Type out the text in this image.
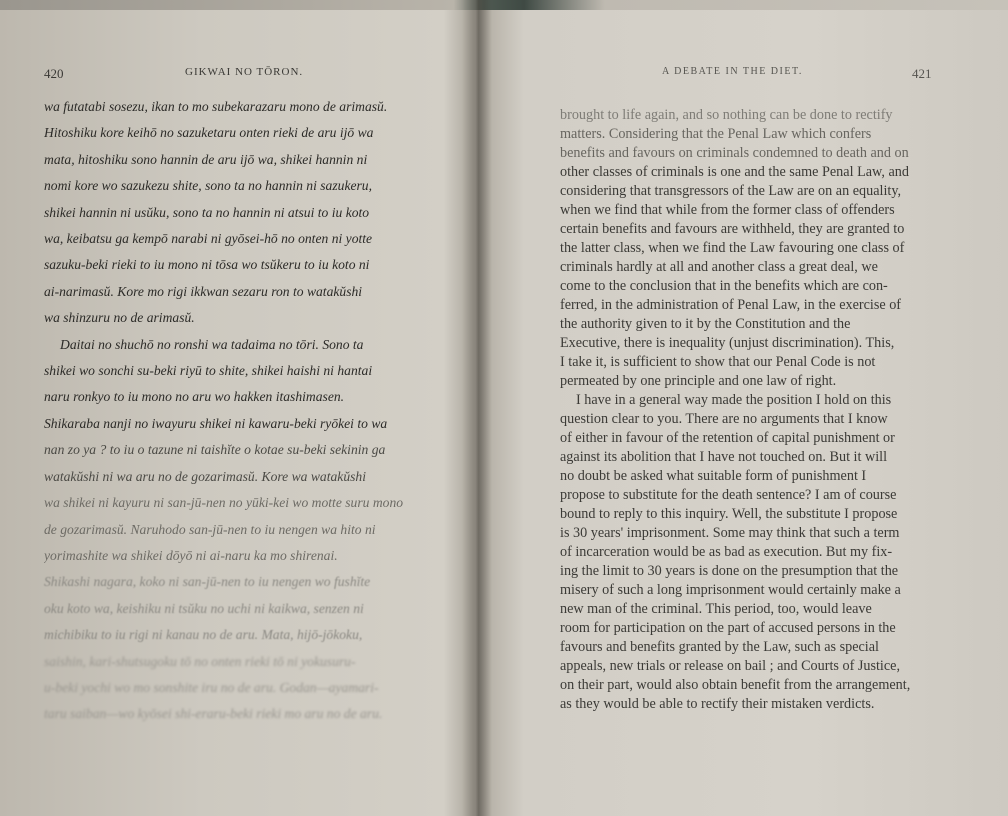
420	GIKWAI NO TŌRON.
wa futatabi sosezu, ikan to mo subekarazaru mono de arimasŭ.
Hitoshiku kore keihō no sazuketaru onten rieki de aru ijō wa
mata, hitoshiku sono hannin de aru ijō wa, shikei hannin ni
nomi kore wo sazukezu shite, sono ta no hannin ni sazukeru,
shikei hannin ni usŭku, sono ta no hannin ni atsui to iu koto
wa, keibatsu ga kempō narabi ni gyōsei-hō no onten ni yotte
sazuku-beki rieki to iu mono ni tōsa wo tsŭkeru to iu koto ni
ai-narimasŭ. Kore mo rigi ikkwan sezaru ron to watakŭshi
wa shinzuru no de arimasŭ.
Daitai no shuchō no ronshi wa tadaima no tōri. Sono ta
shikei wo sonchi su-beki riyū to shite, shikei haishi ni hantai
naru ronkyo to iu mono no aru wo hakken itashimasen.
Shikaraba nanji no iwayuru shikei ni kawaru-beki ryōkei to wa
nan zo ya ? to iu o tazune ni taishĭte o kotae su-beki sekinin ga
watakŭshi ni wa aru no de gozarimasŭ. Kore wa watakŭshi
wa shikei ni kayuru ni san-jū-nen no yūki-kei wo motte suru mono
de gozarimasŭ. Naruhodo san-jū-nen to iu nengen wa hito ni
yorimashite wa shikei dōyō ni ai-naru ka mo shirenai.
Shikashi nagara, koko ni san-jū-nen to iu nengen wo fushĭte
oku koto wa, keishiku ni tsŭku no uchi ni kaikwa, senzen ni
michibiku to iu rigi ni kanau no de aru. Mata, hijō-jōkoku,
saishin, kari-shutsugoku tō no onten rieki tō ni yokusuru-
u-beki yochi wo mo sonshite iru no de aru. Godan—ayamari-
taru saiban—wo kyōsei shi-eraru-beki rieki mo aru no de aru.
A DEBATE IN THE DIET.	421
brought to life again, and so nothing can be done to rectify
matters. Considering that the Penal Law which confers
benefits and favours on criminals condemned to death and on
other classes of criminals is one and the same Penal Law, and
considering that transgressors of the Law are on an equality,
when we find that while from the former class of offenders
certain benefits and favours are withheld, they are granted to
the latter class, when we find the Law favouring one class of
criminals hardly at all and another class a great deal, we
come to the conclusion that in the benefits which are con-
ferred, in the administration of Penal Law, in the exercise of
the authority given to it by the Constitution and the
Executive, there is inequality (unjust discrimination). This,
I take it, is sufficient to show that our Penal Code is not
permeated by one principle and one law of right.
I have in a general way made the position I hold on this
question clear to you. There are no arguments that I know
of either in favour of the retention of capital punishment or
against its abolition that I have not touched on. But it will
no doubt be asked what suitable form of punishment I
propose to substitute for the death sentence? I am of course
bound to reply to this inquiry. Well, the substitute I propose
is 30 years' imprisonment. Some may think that such a term
of incarceration would be as bad as execution. But my fix-
ing the limit to 30 years is done on the presumption that the
misery of such a long imprisonment would certainly make a
new man of the criminal. This period, too, would leave
room for participation on the part of accused persons in the
favours and benefits granted by the Law, such as special
appeals, new trials or release on bail ; and Courts of Justice,
on their part, would also obtain benefit from the arrangement,
as they would be able to rectify their mistaken verdicts.
